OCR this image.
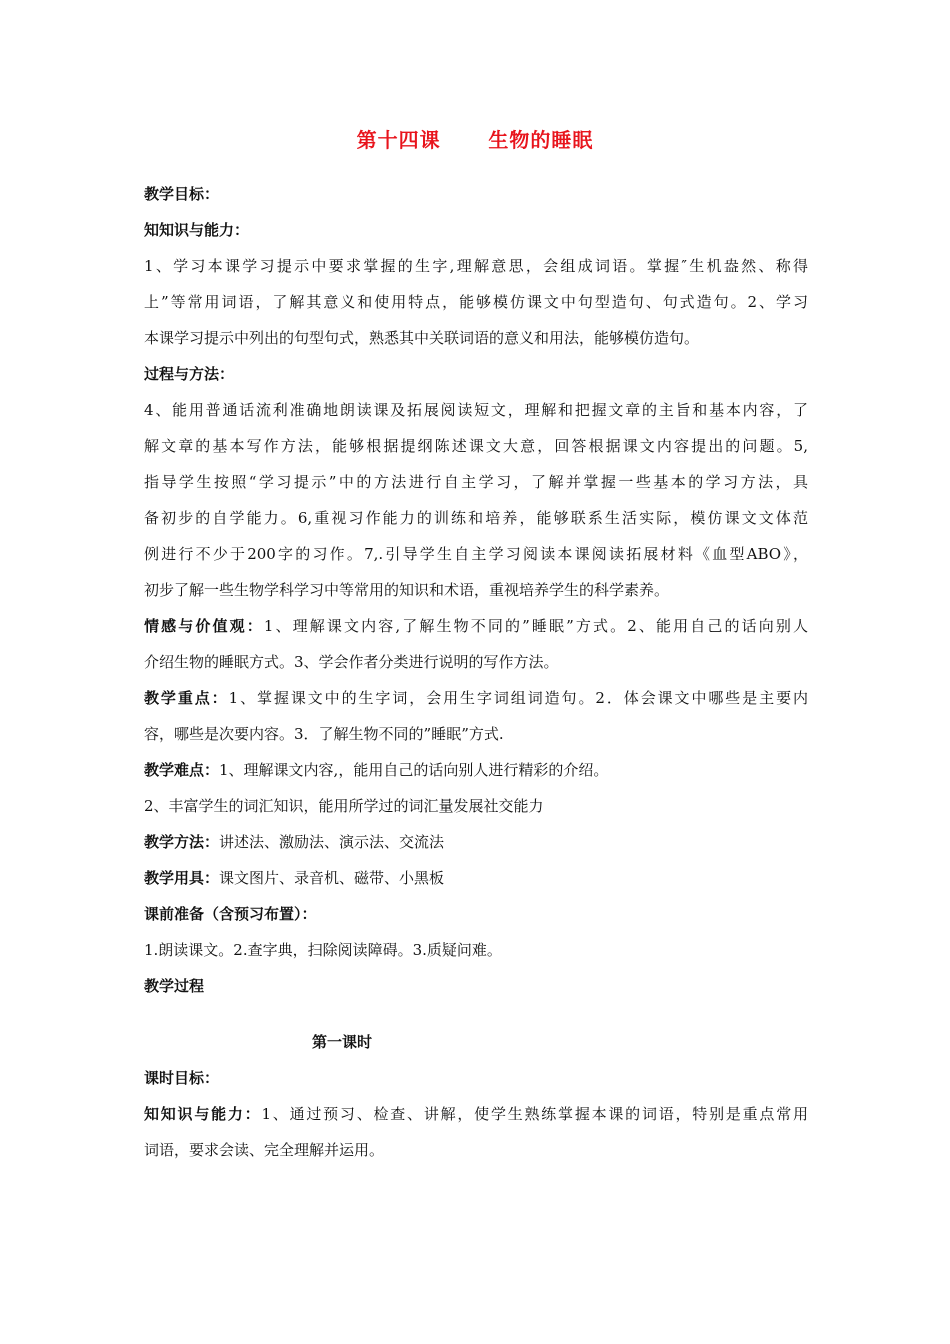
第十四课      生物的睡眠

教学目标：

知知识与能力：

1、学习本课学习提示中要求掌握的生字,理解意思，会组成词语。掌握″生机盎然、称得

上”等常用词语，了解其意义和使用特点，能够模仿课文中句型造句、句式造句。2、学习

本课学习提示中列出的句型句式，熟悉其中关联词语的意义和用法，能够模仿造句。

过程与方法：

4、能用普通话流利准确地朗读课及拓展阅读短文，理解和把握文章的主旨和基本内容，了

解文章的基本写作方法，能够根据提纲陈述课文大意，回答根据课文内容提出的问题。5,

指导学生按照“学习提示”中的方法进行自主学习，了解并掌握一些基本的学习方法，具

备初步的自学能力。6,重视习作能力的训练和培养，能够联系生活实际，模仿课文文体范

例进行不少于200字的习作。7,.引导学生自主学习阅读本课阅读拓展材料《血型ABO》，

初步了解一些生物学科学习中等常用的知识和术语，重视培养学生的科学素养。

情感与价值观：1、理解课文内容,了解生物不同的”睡眠”方式。2、能用自己的话向别人

介绍生物的睡眠方式。3、学会作者分类进行说明的写作方法。

教学重点：1、掌握课文中的生字词，会用生字词组词造句。2．体会课文中哪些是主要内

容，哪些是次要内容。3．了解生物不同的”睡眠”方式.

教学难点：1、理解课文内容,，能用自己的话向别人进行精彩的介绍。

2、丰富学生的词汇知识，能用所学过的词汇量发展社交能力

教学方法：讲述法、激励法、演示法、交流法

教学用具：课文图片、录音机、磁带、小黑板

课前准备（含预习布置）：

1.朗读课文。2.查字典，扫除阅读障碍。3.质疑问难。

教学过程

第一课时

课时目标：

知知识与能力：1、通过预习、检查、讲解，使学生熟练掌握本课的词语，特别是重点常用

词语，要求会读、完全理解并运用。
